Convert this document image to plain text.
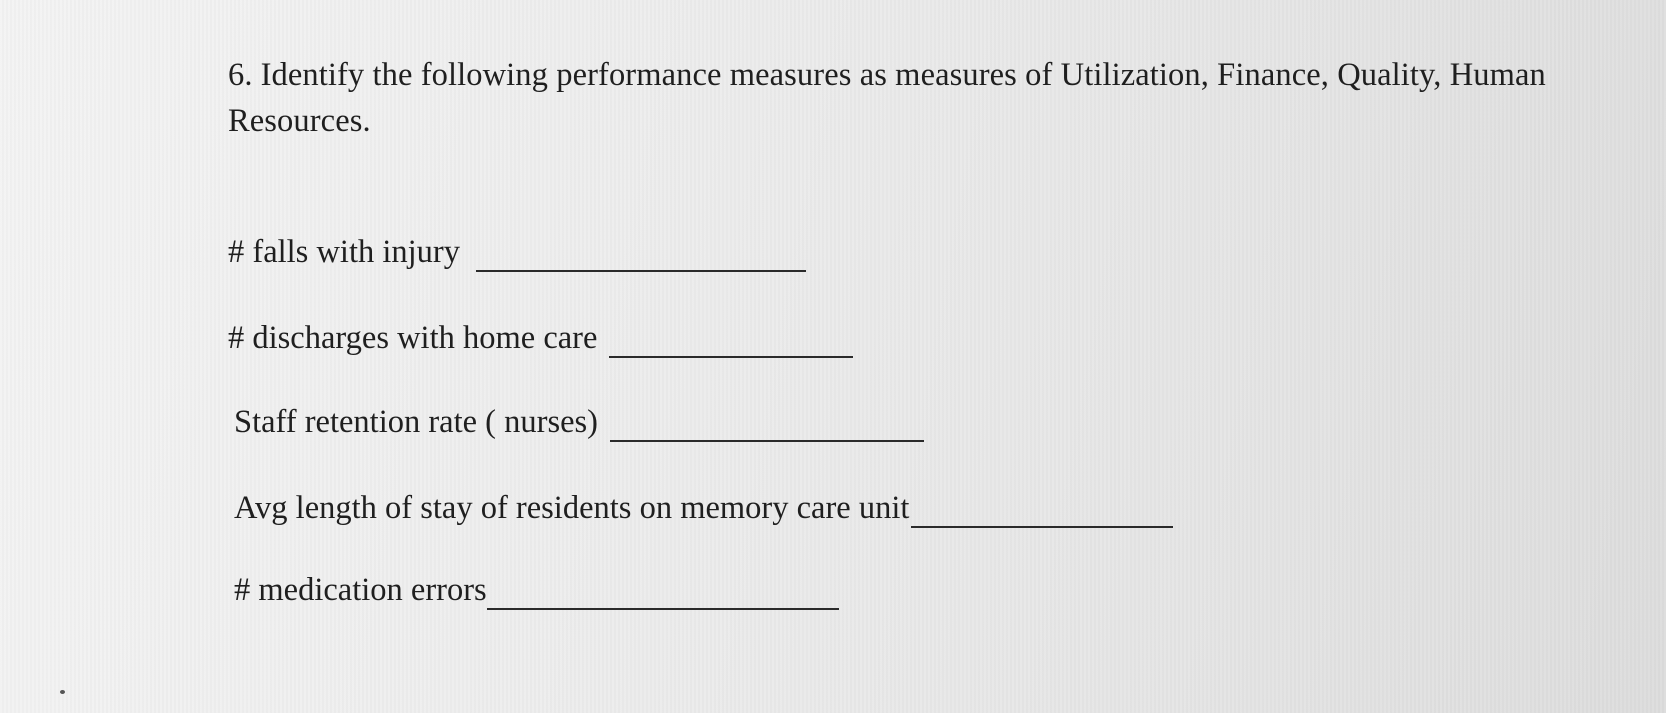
6. Identify the following performance measures as measures of Utilization, Finance, Quality, Human Resources.
# falls with injury
# discharges with home care
Staff retention rate ( nurses)
Avg length of stay of residents on memory care unit
# medication errors
